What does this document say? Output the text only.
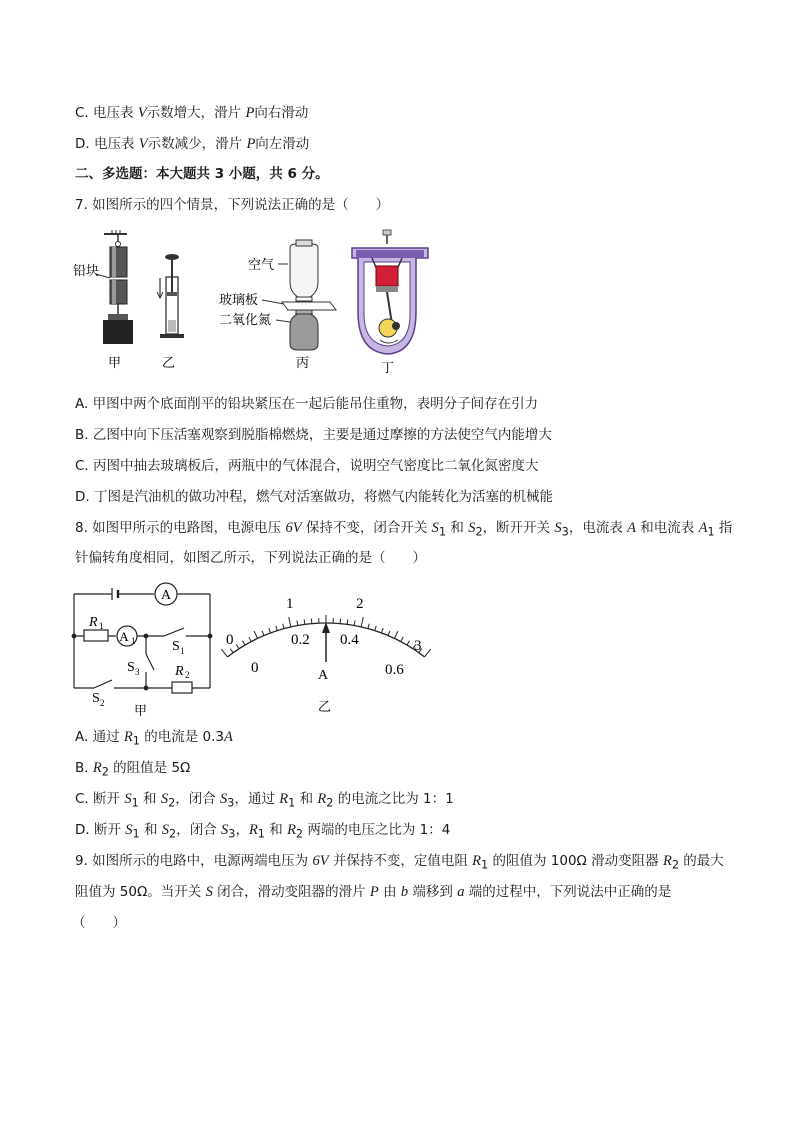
C. 电压表 V示数增大，滑片 P向右滑动
D. 电压表 V示数减少，滑片 P向左滑动
二、多选题：本大题共 3 小题，共 6 分。
7. 如图所示的四个情景，下列说法正确的是（　　）
铅块
甲	乙
空气
玻璃板
二氧化氮
丙	丁
A. 甲图中两个底面削平的铅块紧压在一起后能吊住重物，表明分子间存在引力
B. 乙图中向下压活塞观察到脱脂棉燃烧，主要是通过摩擦的方法使空气内能增大
C. 丙图中抽去玻璃板后，两瓶中的气体混合，说明空气密度比二氧化氮密度大
D. 丁图是汽油机的做功冲程，燃气对活塞做功，将燃气内能转化为活塞的机械能
8. 如图甲所示的电路图，电源电压 6V 保持不变，闭合开关 $S_1$ 和 $S_2$，断开开关 $S_3$，电流表 A 和电流表 $A_1$ 指
针偏转角度相同，如图乙所示，下列说法正确的是（　　）
A
A 1
R 1
R 2
S 1
S 3
S 2
甲
A
0
1	2
3
0
0.2 0.4
0.6
乙
A. 通过 $R_1$ 的电流是 0.3A
B. $R_2$ 的阻值是 5Ω
C. 断开 $S_1$ 和 $S_2$，闭合 $S_3$，通过 $R_1$ 和 $R_2$ 的电流之比为 1：1
D. 断开 $S_1$ 和 $S_2$，闭合 $S_3$，$R_1$ 和 $R_2$ 两端的电压之比为 1：4
9. 如图所示的电路中，电源两端电压为 6V 并保持不变，定值电阻 $R_1$ 的阻值为 100Ω 滑动变阻器 $R_2$ 的最大
阻值为 50Ω。当开关 S 闭合，滑动变阻器的滑片 P 由 b 端移到 a 端的过程中，下列说法中正确的是
（　　）
